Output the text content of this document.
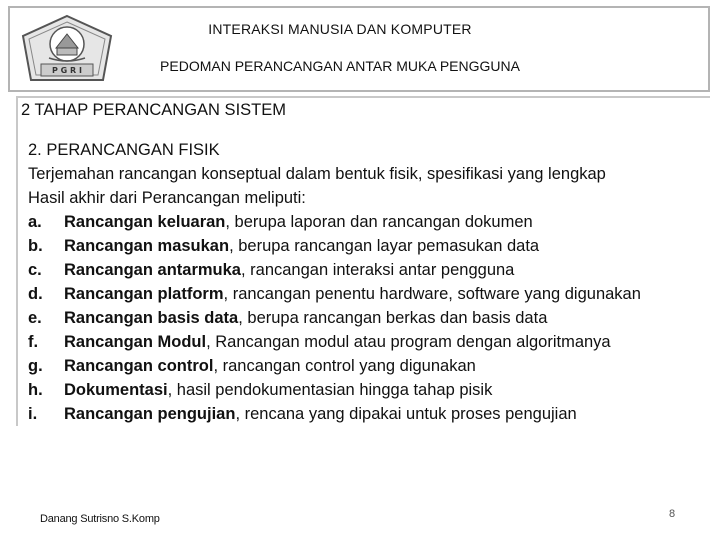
P G R I
INTERAKSI MANUSIA DAN KOMPUTER
PEDOMAN PERANCANGAN ANTAR MUKA PENGGUNA
2 TAHAP PERANCANGAN SISTEM
2. PERANCANGAN FISIK
Terjemahan rancangan konseptual dalam bentuk fisik, spesifikasi yang lengkap
Hasil akhir dari Perancangan meliputi:
a.	Rancangan keluaran, berupa laporan dan rancangan dokumen
b.	Rancangan masukan, berupa rancangan layar pemasukan data
c.	Rancangan antarmuka, rancangan interaksi antar pengguna
d.	Rancangan platform, rancangan penentu hardware, software yang digunakan
e.	Rancangan basis data, berupa rancangan berkas dan basis data
f.	Rancangan Modul, Rancangan modul atau program dengan algoritmanya
g.	Rancangan control, rancangan control yang digunakan
h.	Dokumentasi, hasil pendokumentasian hingga tahap pisik
i.	Rancangan pengujian, rencana yang dipakai untuk proses pengujian
Danang Sutrisno S.Komp	8
